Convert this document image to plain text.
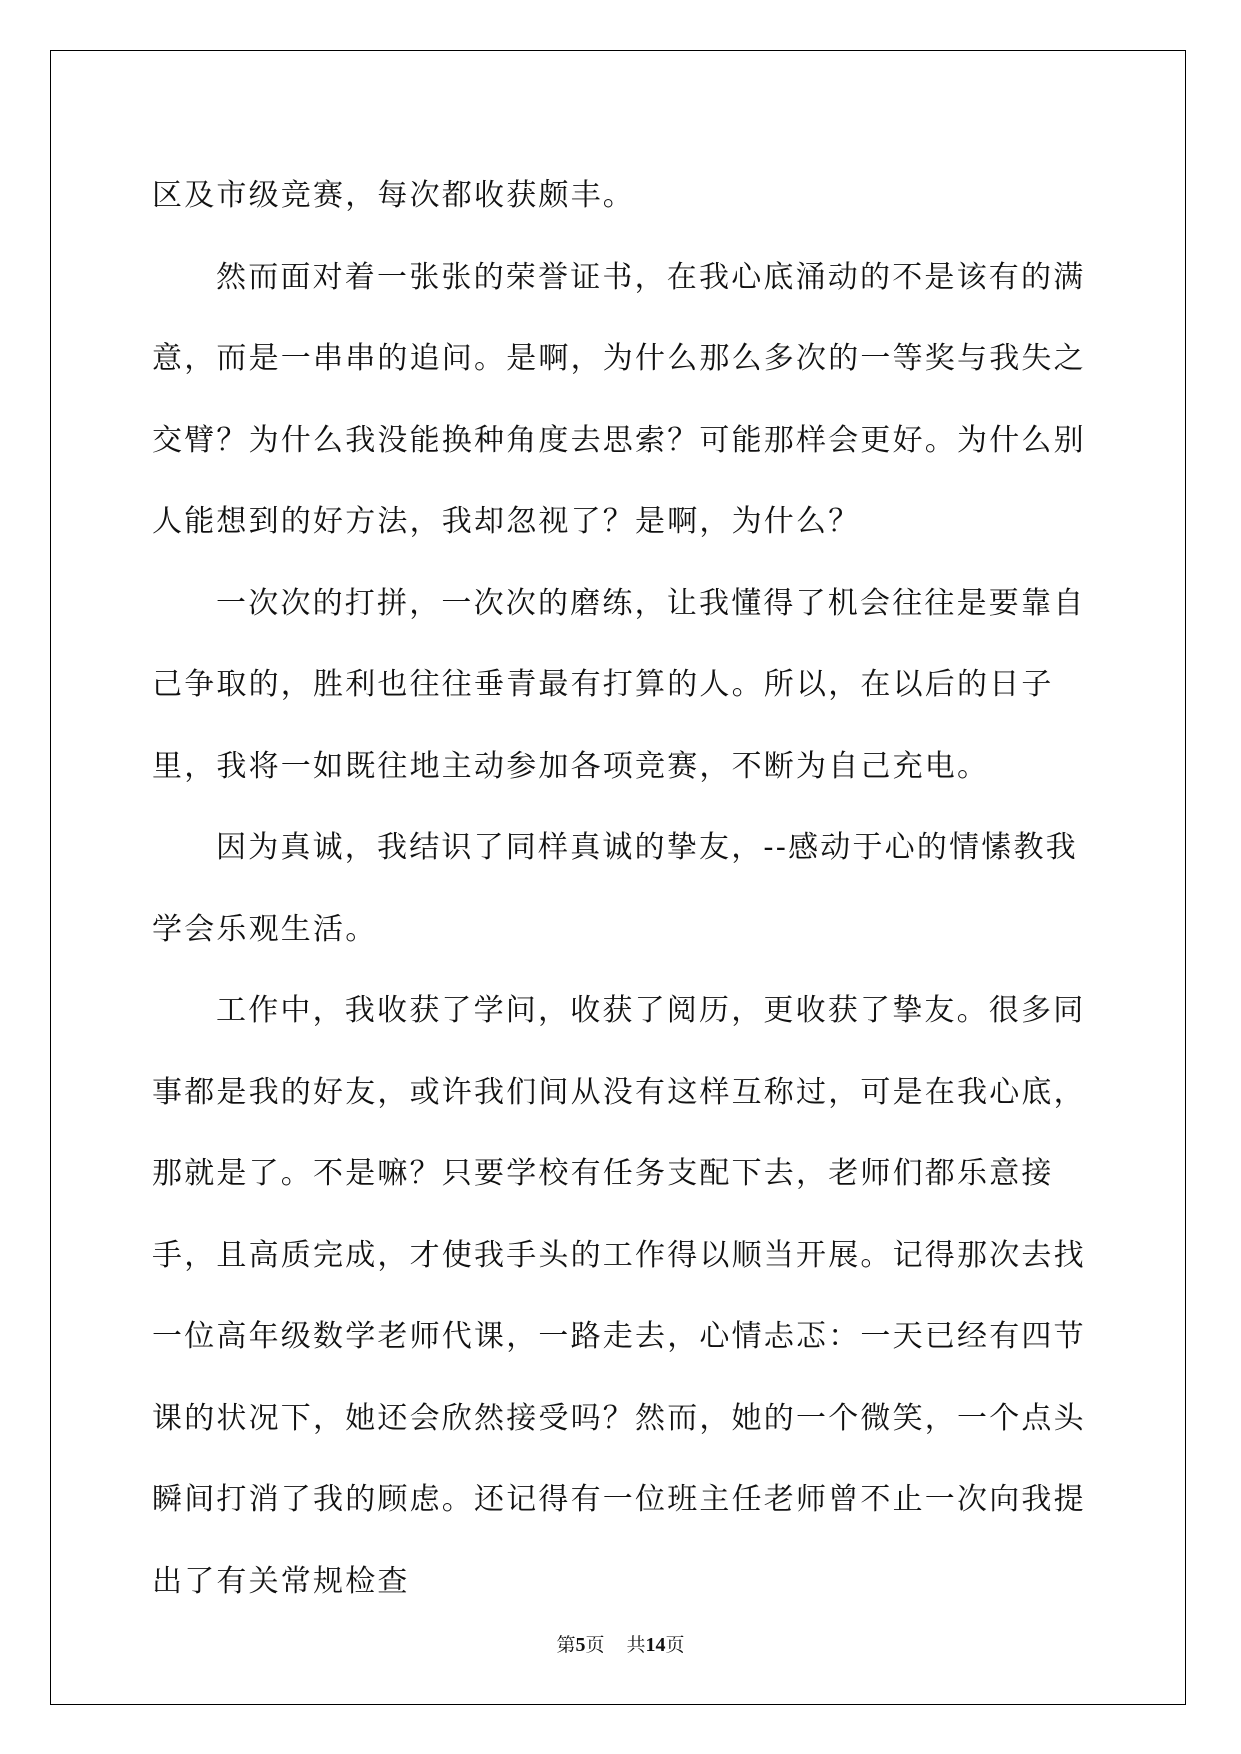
区及市级竞赛，每次都收获颇丰。

然而面对着一张张的荣誉证书，在我心底涌动的不是该有的满意，而是一串串的追问。是啊，为什么那么多次的一等奖与我失之交臂？为什么我没能换种角度去思索？可能那样会更好。为什么别人能想到的好方法，我却忽视了？是啊，为什么？

一次次的打拼，一次次的磨练，让我懂得了机会往往是要靠自己争取的，胜利也往往垂青最有打算的人。所以，在以后的日子里，我将一如既往地主动参加各项竞赛，不断为自己充电。

因为真诚，我结识了同样真诚的挚友，--感动于心的情愫教我学会乐观生活。

工作中，我收获了学问，收获了阅历，更收获了挚友。很多同事都是我的好友，或许我们间从没有这样互称过，可是在我心底，那就是了。不是嘛？只要学校有任务支配下去，老师们都乐意接手，且高质完成，才使我手头的工作得以顺当开展。记得那次去找一位高年级数学老师代课，一路走去，心情忐忑：一天已经有四节课的状况下，她还会欣然接受吗？然而，她的一个微笑，一个点头瞬间打消了我的顾虑。还记得有一位班主任老师曾不止一次向我提出了有关常规检查

第5页 共14页
